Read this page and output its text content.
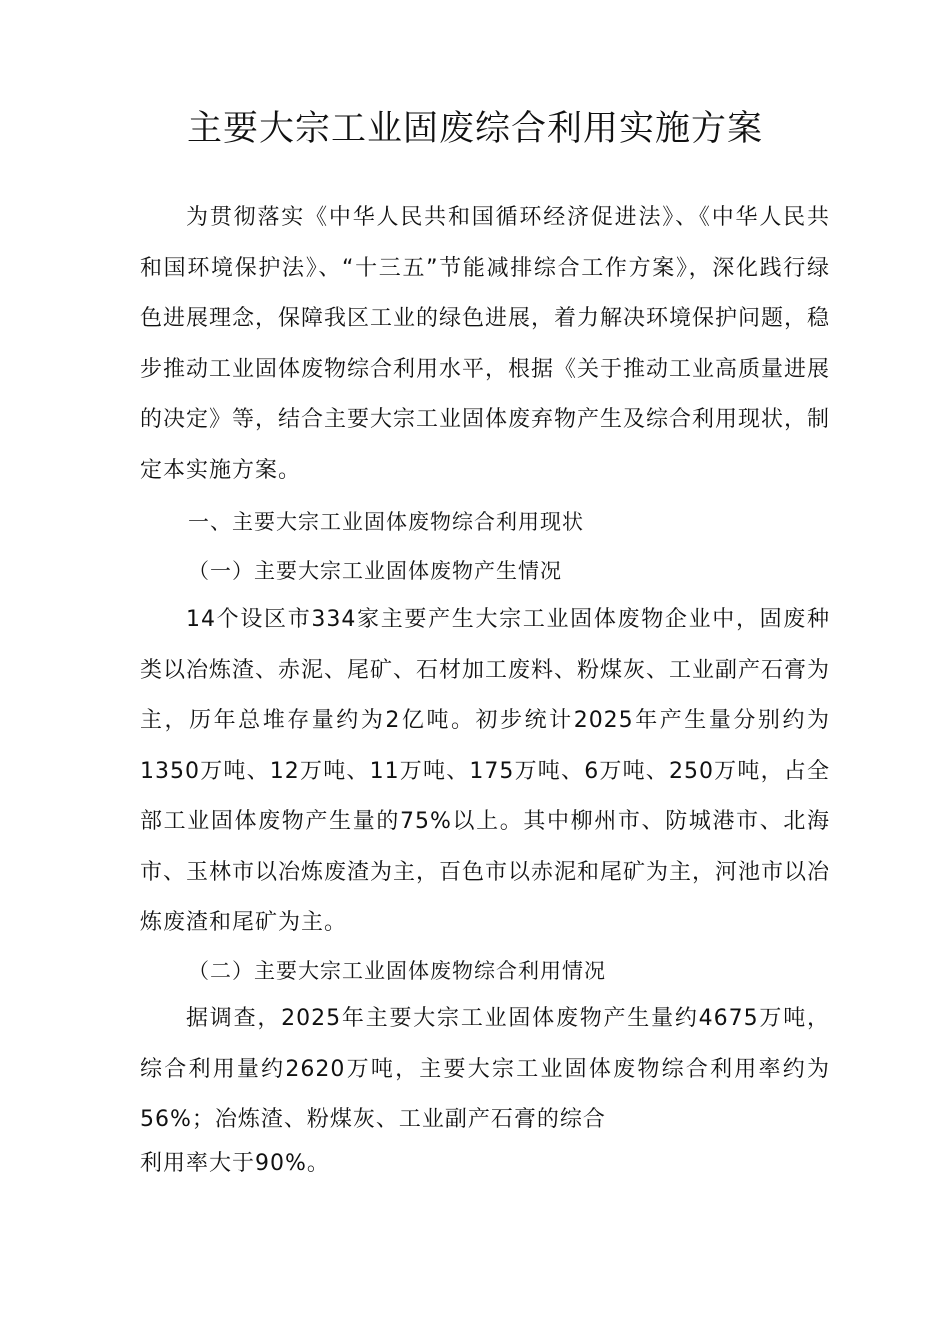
主要大宗工业固废综合利用实施方案

为贯彻落实《中华人民共和国循环经济促进法》、《中华人民共和国环境保护法》、“十三五”节能减排综合工作方案》，深化践行绿色进展理念，保障我区工业的绿色进展，着力解决环境保护问题，稳步推动工业固体废物综合利用水平，根据《关于推动工业高质量进展的决定》等，结合主要大宗工业固体废弃物产生及综合利用现状，制定本实施方案。

一、主要大宗工业固体废物综合利用现状

（一）主要大宗工业固体废物产生情况

14个设区市334家主要产生大宗工业固体废物企业中，固废种类以冶炼渣、赤泥、尾矿、石材加工废料、粉煤灰、工业副产石膏为主，历年总堆存量约为2亿吨。初步统计2025年产生量分别约为1350万吨、12万吨、11万吨、175万吨、6万吨、250万吨，占全部工业固体废物产生量的75%以上。其中柳州市、防城港市、北海市、玉林市以冶炼废渣为主，百色市以赤泥和尾矿为主，河池市以冶炼废渣和尾矿为主。

（二）主要大宗工业固体废物综合利用情况

据调查，2025年主要大宗工业固体废物产生量约4675万吨，综合利用量约2620万吨，主要大宗工业固体废物综合利用率约为56%；冶炼渣、粉煤灰、工业副产石膏的综合

利用率大于90%。
